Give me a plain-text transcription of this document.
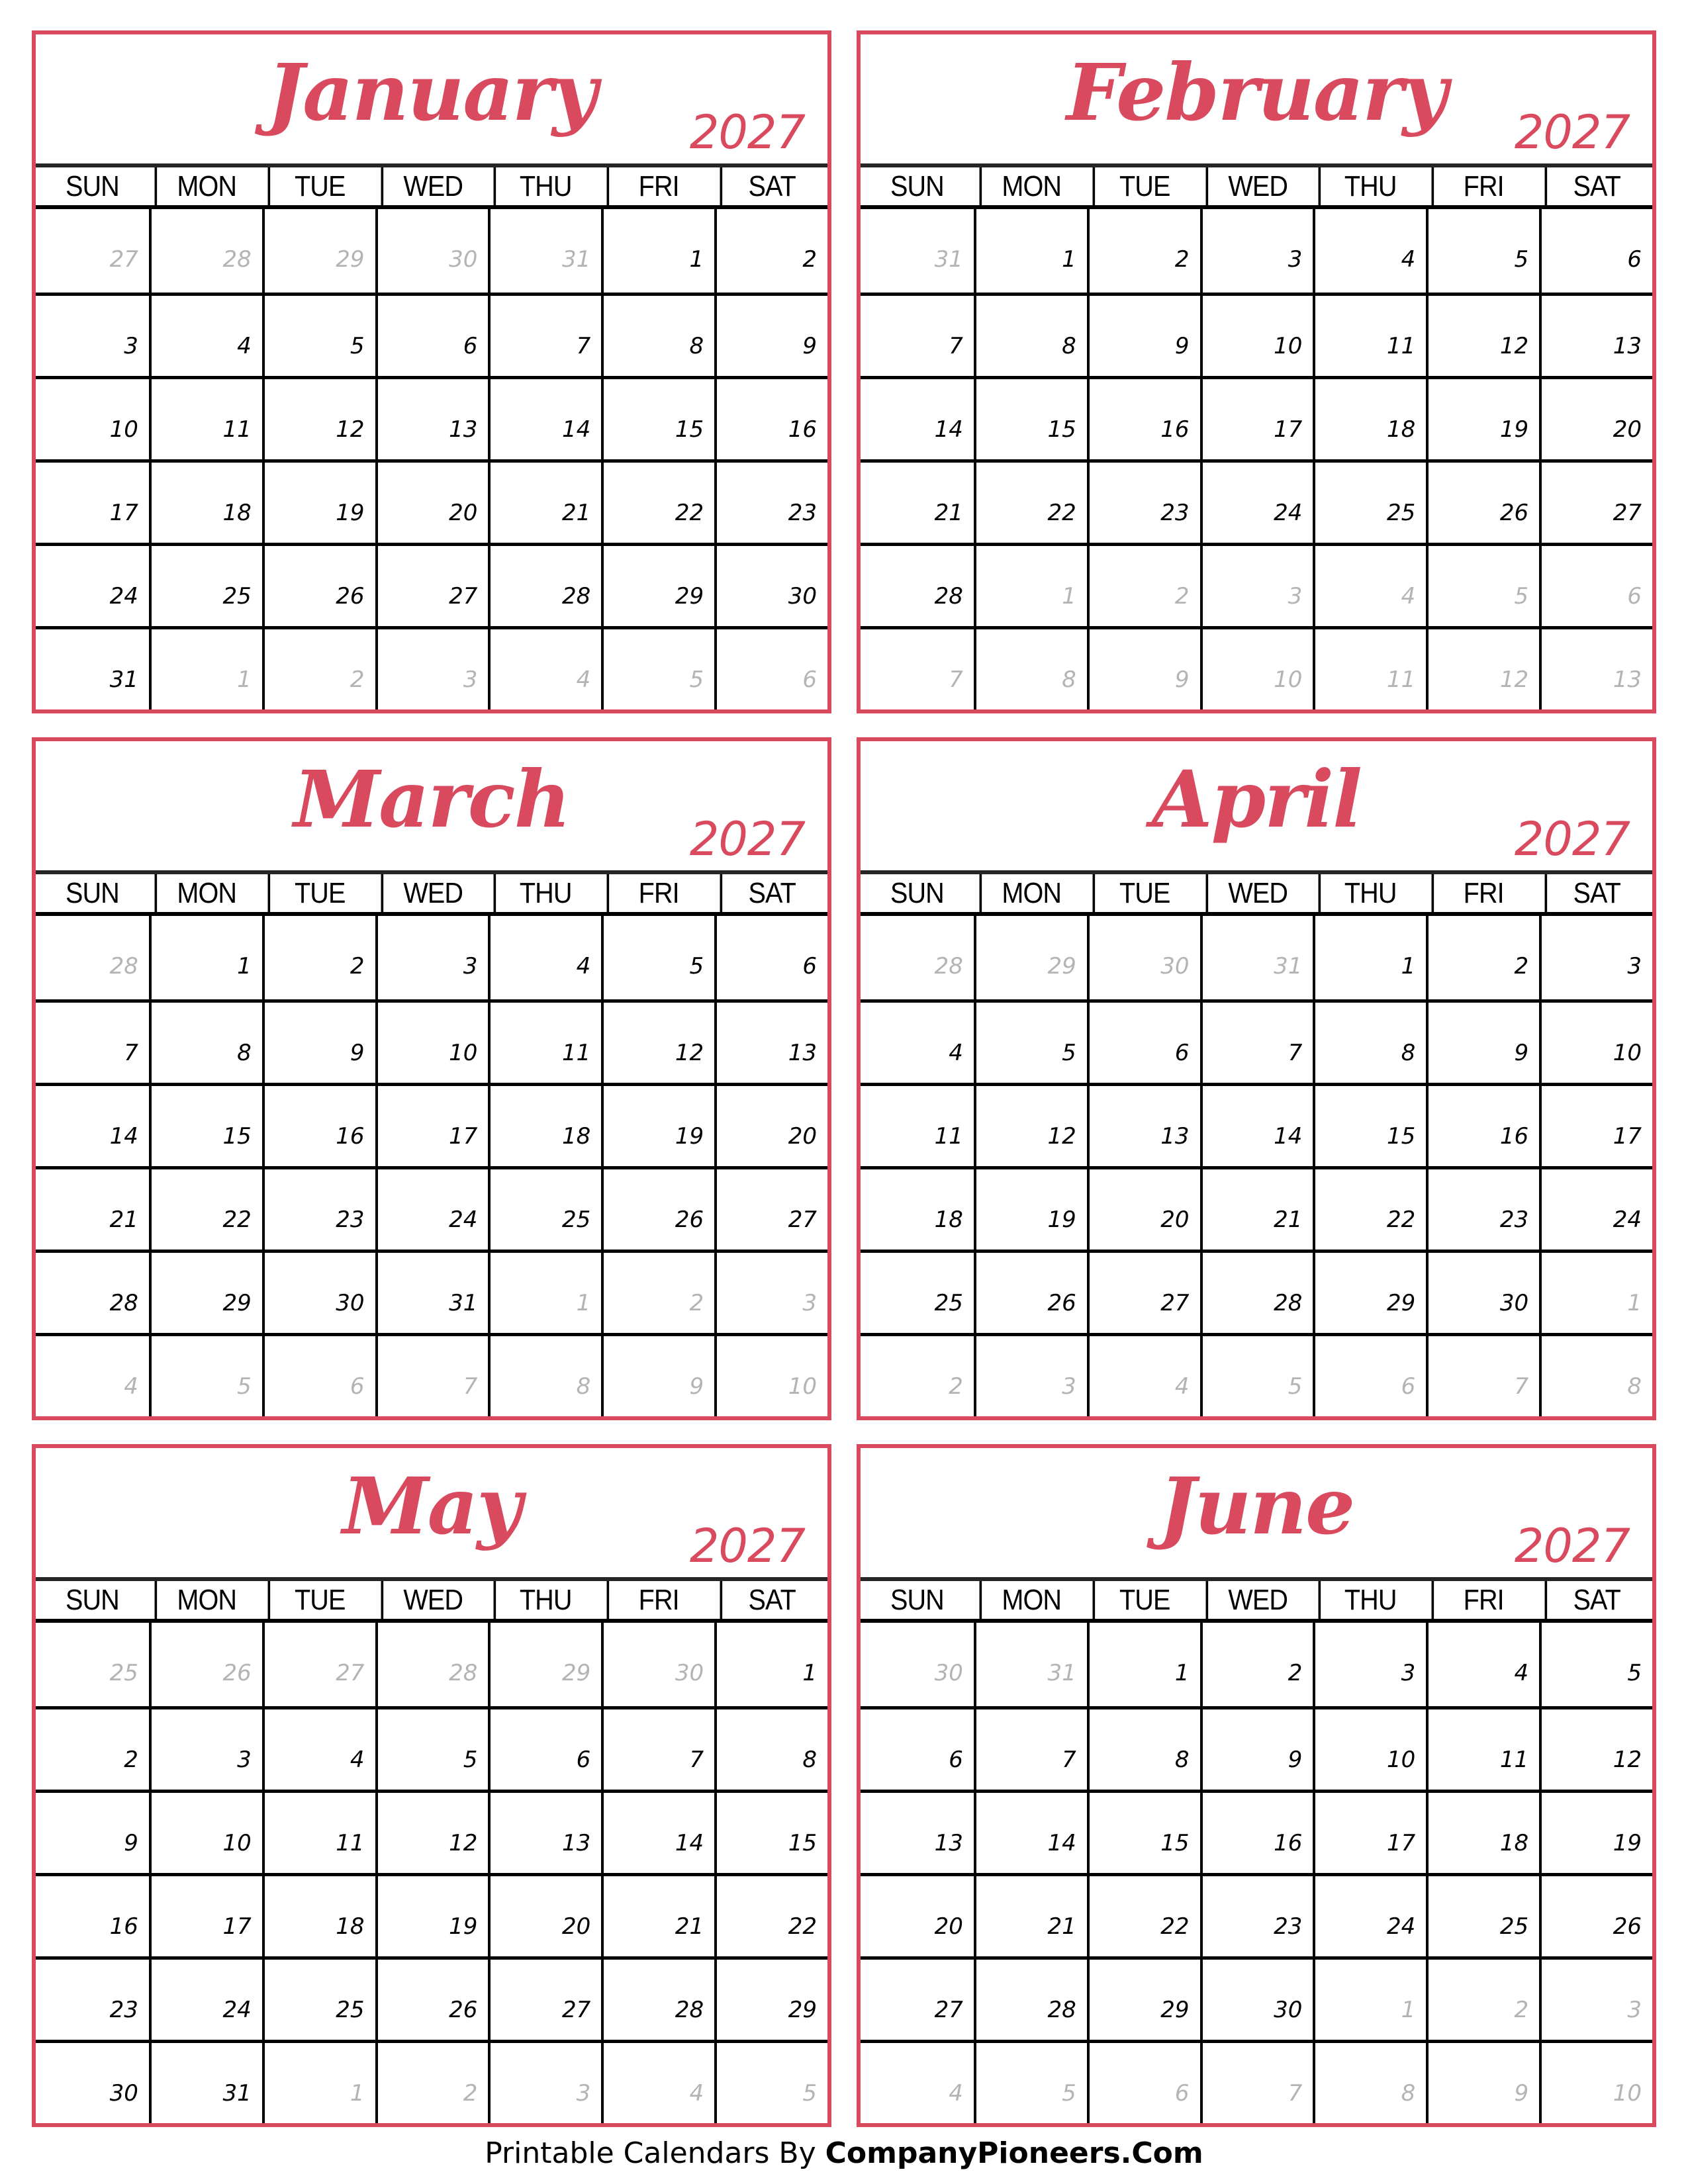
January	2027
SUN	MON	TUE	WED	THU	FRI	SAT
27	28	29	30	31	1	2
3	4	5	6	7	8	9
10	11	12	13	14	15	16
17	18	19	20	21	22	23
24	25	26	27	28	29	30
31	1	2	3	4	5	6
February	2027
SUN	MON	TUE	WED	THU	FRI	SAT
31	1	2	3	4	5	6
7	8	9	10	11	12	13
14	15	16	17	18	19	20
21	22	23	24	25	26	27
28	1	2	3	4	5	6
7	8	9	10	11	12	13
March	2027
SUN	MON	TUE	WED	THU	FRI	SAT
28	1	2	3	4	5	6
7	8	9	10	11	12	13
14	15	16	17	18	19	20
21	22	23	24	25	26	27
28	29	30	31	1	2	3
4	5	6	7	8	9	10
April	2027
SUN	MON	TUE	WED	THU	FRI	SAT
28	29	30	31	1	2	3
4	5	6	7	8	9	10
11	12	13	14	15	16	17
18	19	20	21	22	23	24
25	26	27	28	29	30	1
2	3	4	5	6	7	8
May	2027
SUN	MON	TUE	WED	THU	FRI	SAT
25	26	27	28	29	30	1
2	3	4	5	6	7	8
9	10	11	12	13	14	15
16	17	18	19	20	21	22
23	24	25	26	27	28	29
30	31	1	2	3	4	5
June	2027
SUN	MON	TUE	WED	THU	FRI	SAT
30	31	1	2	3	4	5
6	7	8	9	10	11	12
13	14	15	16	17	18	19
20	21	22	23	24	25	26
27	28	29	30	1	2	3
4	5	6	7	8	9	10
Printable Calendars By CompanyPioneers.Com
